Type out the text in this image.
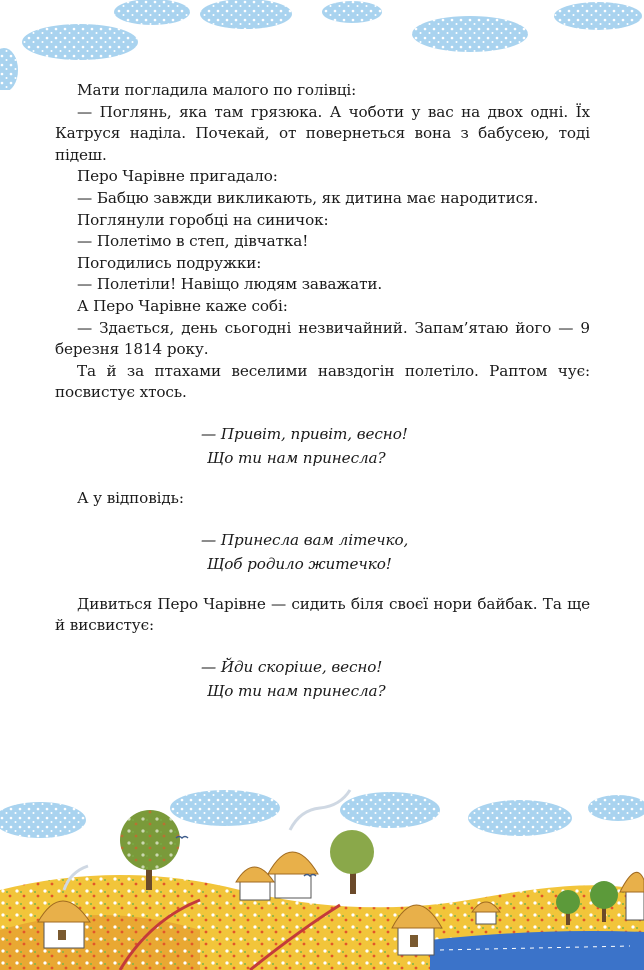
Мати погладила малого по голівці:

— Поглянь, яка там грязюка. А чоботи у вас на двох одні. Їх Катруся наділа. Почекай, от повернеться вона з бабусею, тоді підеш.

Перо Чарівне пригадало:

— Бабцю завжди викликають, як дитина має народитися.

Поглянули горобці на синичок:

— Полетімо в степ, дівчатка!

Погодились подружки:

— Полетіли! Навіщо людям заважати.

А Перо Чарівне каже собі:

— Здається, день сьогодні незвичайний. Запам’ятаю його — 9 березня 1814 року.

Та й за птахами веселими навздогін полетіло. Раптом чує: посвистує хтось.

— Привіт, привіт, весно!
Що ти нам принесла?

А у відповідь:

— Принесла вам літечко,
Щоб родило житечко!

Дивиться Перо Чарівне — сидить біля своєї нори байбак. Та ще й висвистує:

— Йди скоріше, весно!
Що ти нам принесла?
